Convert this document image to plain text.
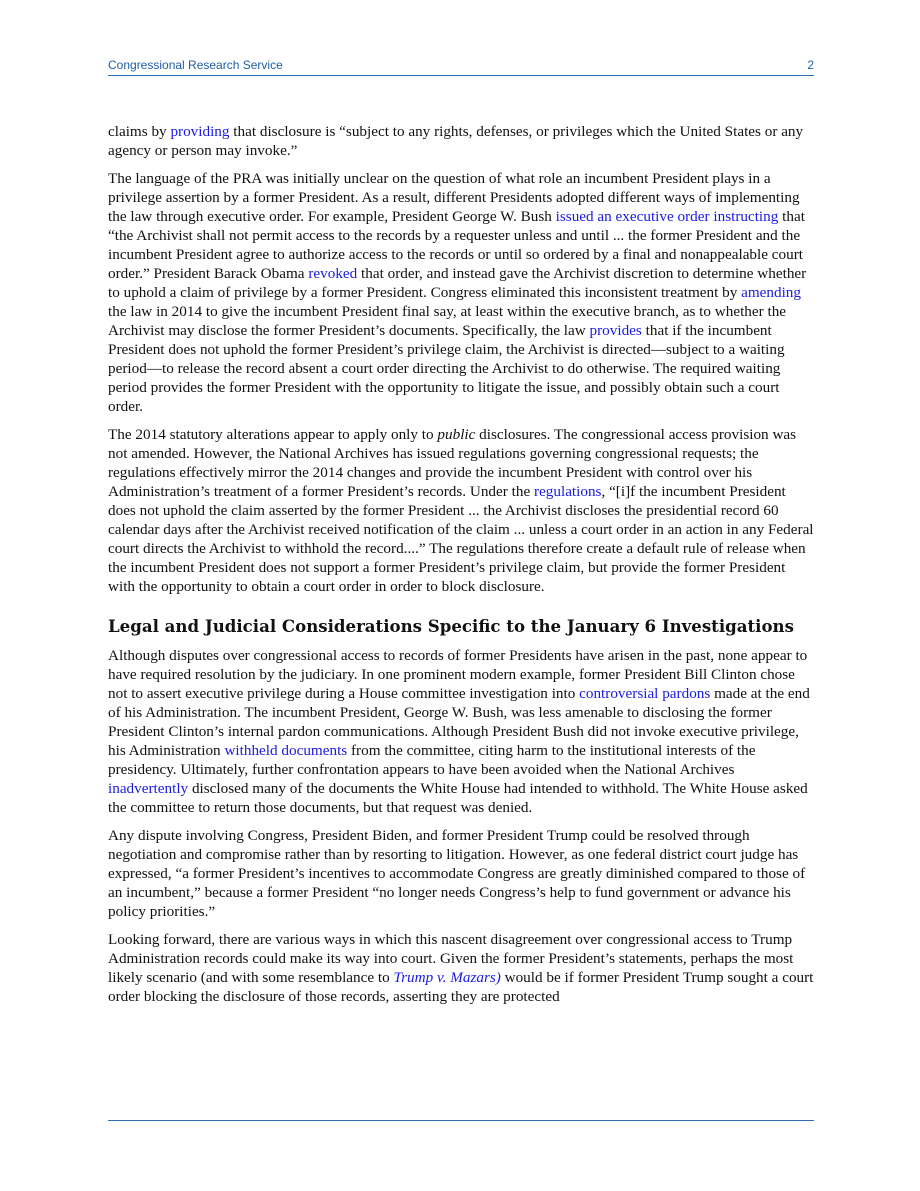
Congressional Research Service	2

claims by providing that disclosure is “subject to any rights, defenses, or privileges which the United States or any agency or person may invoke.”

The language of the PRA was initially unclear on the question of what role an incumbent President plays in a privilege assertion by a former President. As a result, different Presidents adopted different ways of implementing the law through executive order. For example, President George W. Bush issued an executive order instructing that “the Archivist shall not permit access to the records by a requester unless and until ... the former President and the incumbent President agree to authorize access to the records or until so ordered by a final and nonappealable court order.” President Barack Obama revoked that order, and instead gave the Archivist discretion to determine whether to uphold a claim of privilege by a former President. Congress eliminated this inconsistent treatment by amending the law in 2014 to give the incumbent President final say, at least within the executive branch, as to whether the Archivist may disclose the former President’s documents. Specifically, the law provides that if the incumbent President does not uphold the former President’s privilege claim, the Archivist is directed—subject to a waiting period—to release the record absent a court order directing the Archivist to do otherwise. The required waiting period provides the former President with the opportunity to litigate the issue, and possibly obtain such a court order.

The 2014 statutory alterations appear to apply only to public disclosures. The congressional access provision was not amended. However, the National Archives has issued regulations governing congressional requests; the regulations effectively mirror the 2014 changes and provide the incumbent President with control over his Administration’s treatment of a former President’s records. Under the regulations, “[i]f the incumbent President does not uphold the claim asserted by the former President ... the Archivist discloses the presidential record 60 calendar days after the Archivist received notification of the claim ... unless a court order in an action in any Federal court directs the Archivist to withhold the record....” The regulations therefore create a default rule of release when the incumbent President does not support a former President’s privilege claim, but provide the former President with the opportunity to obtain a court order in order to block disclosure.

Legal and Judicial Considerations Specific to the January 6 Investigations

Although disputes over congressional access to records of former Presidents have arisen in the past, none appear to have required resolution by the judiciary. In one prominent modern example, former President Bill Clinton chose not to assert executive privilege during a House committee investigation into controversial pardons made at the end of his Administration. The incumbent President, George W. Bush, was less amenable to disclosing the former President Clinton’s internal pardon communications. Although President Bush did not invoke executive privilege, his Administration withheld documents from the committee, citing harm to the institutional interests of the presidency. Ultimately, further confrontation appears to have been avoided when the National Archives inadvertently disclosed many of the documents the White House had intended to withhold. The White House asked the committee to return those documents, but that request was denied.

Any dispute involving Congress, President Biden, and former President Trump could be resolved through negotiation and compromise rather than by resorting to litigation. However, as one federal district court judge has expressed, “a former President’s incentives to accommodate Congress are greatly diminished compared to those of an incumbent,” because a former President “no longer needs Congress’s help to fund government or advance his policy priorities.”

Looking forward, there are various ways in which this nascent disagreement over congressional access to Trump Administration records could make its way into court. Given the former President’s statements, perhaps the most likely scenario (and with some resemblance to Trump v. Mazars) would be if former President Trump sought a court order blocking the disclosure of those records, asserting they are protected
